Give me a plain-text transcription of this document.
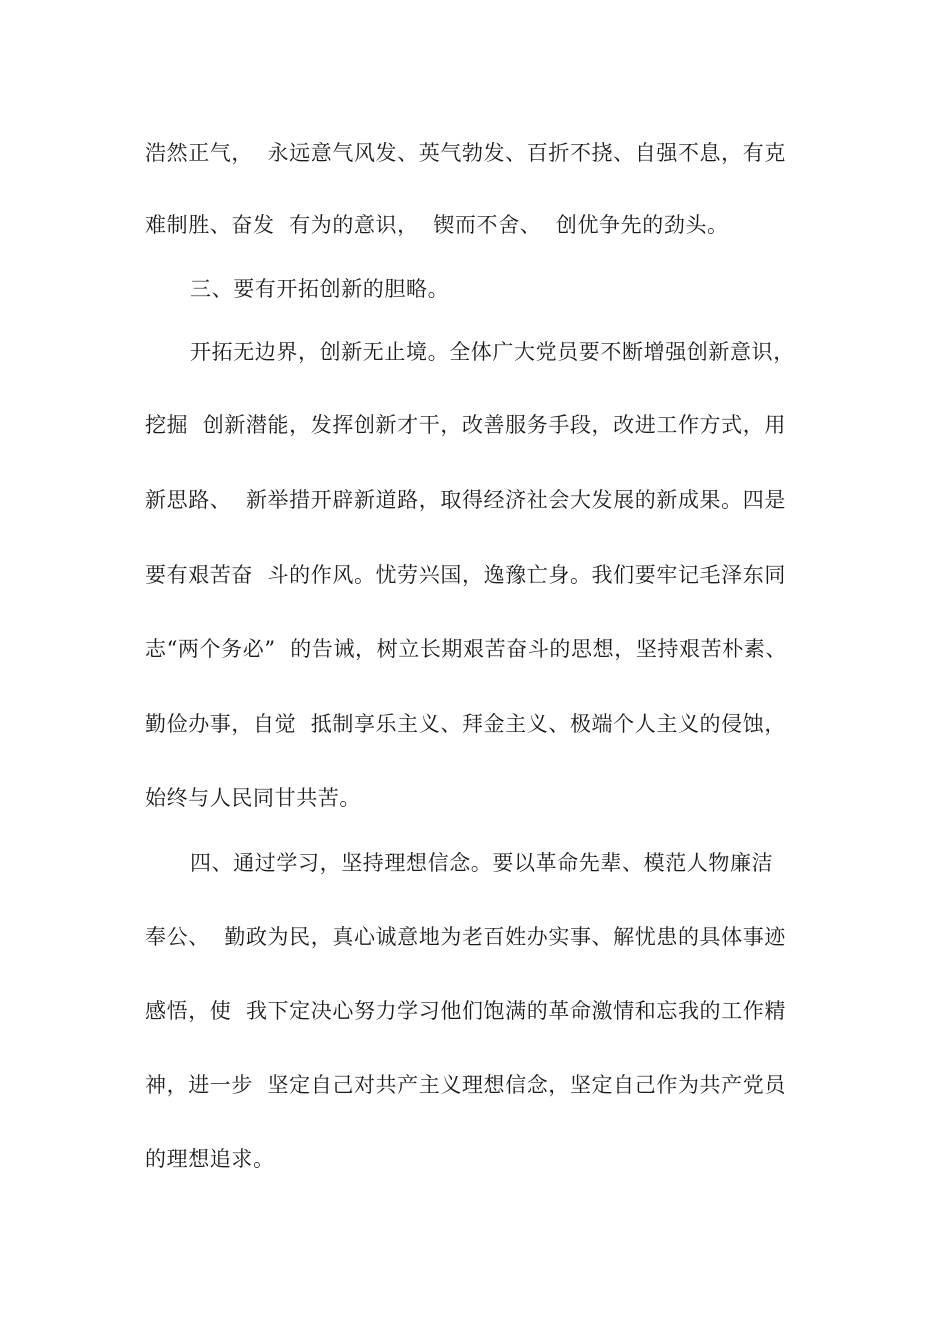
浩然正气，  永远意气风发、英气勃发、百折不挠、自强不息，有克
难制胜、奋发  有为的意识，  锲而不舍、  创优争先的劲头。
三、要有开拓创新的胆略。
开拓无边界，创新无止境。全体广大党员要不断增强创新意识，
挖掘  创新潜能，发挥创新才干，改善服务手段，改进工作方式，用
新思路、  新举措开辟新道路，取得经济社会大发展的新成果。四是
要有艰苦奋  斗的作风。忧劳兴国，逸豫亡身。我们要牢记毛泽东同
志“两个务必”  的告诫，树立长期艰苦奋斗的思想，坚持艰苦朴素、
勤俭办事，自觉  抵制享乐主义、拜金主义、极端个人主义的侵蚀，
始终与人民同甘共苦。
四、通过学习，坚持理想信念。要以革命先辈、模范人物廉洁
奉公、  勤政为民，真心诚意地为老百姓办实事、解忧患的具体事迹
感悟，使  我下定决心努力学习他们饱满的革命激情和忘我的工作精
神，进一步  坚定自己对共产主义理想信念，坚定自己作为共产党员
的理想追求。
